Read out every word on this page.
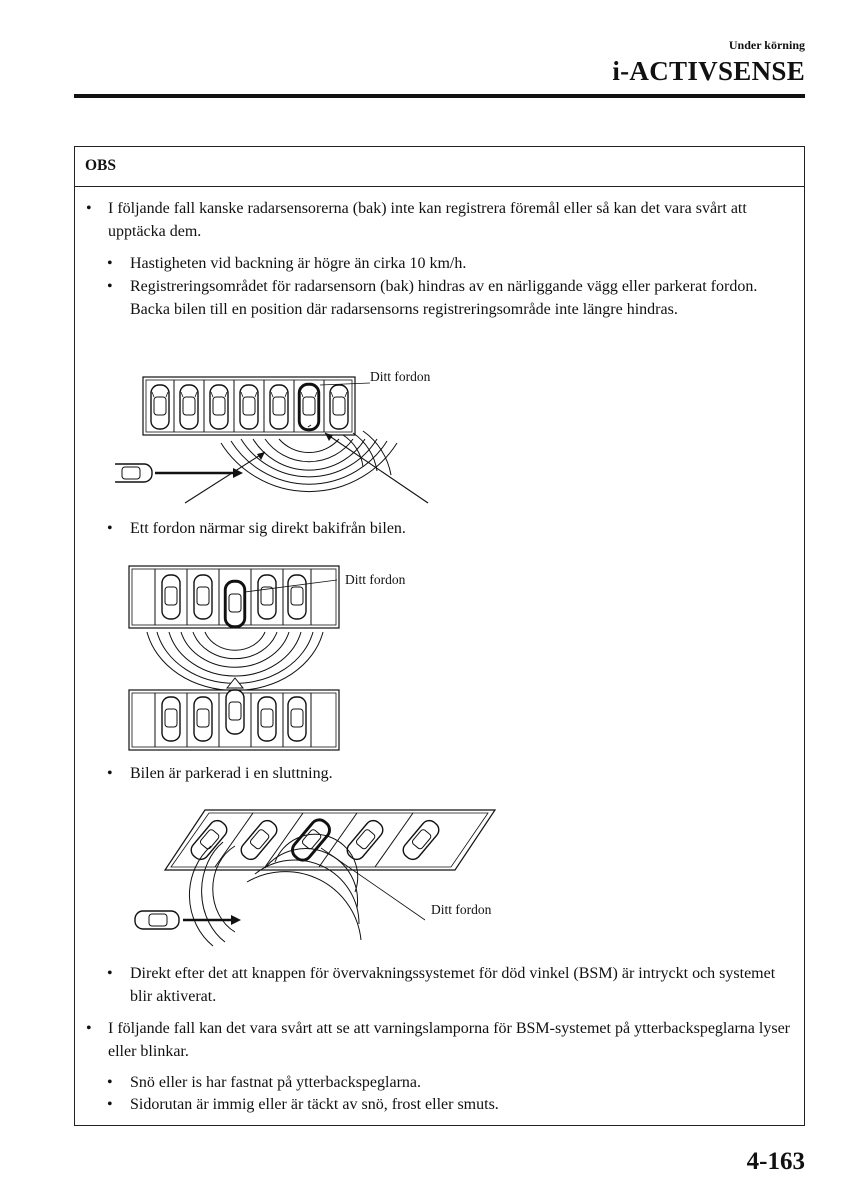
Under körning
i-ACTIVSENSE
OBS
• I följande fall kanske radarsensorerna (bak) inte kan registrera föremål eller så kan det vara svårt att upptäcka dem.
• Hastigheten vid backning är högre än cirka 10 km/h.
• Registreringsområdet för radarsensorn (bak) hindras av en närliggande vägg eller parkerat fordon. Backa bilen till en position där radarsensorns registreringsområde inte längre hindras.
Ditt fordon
• Ett fordon närmar sig direkt bakifrån bilen.
Ditt fordon
• Bilen är parkerad i en sluttning.
Ditt fordon
• Direkt efter det att knappen för övervakningssystemet för död vinkel (BSM) är intryckt och systemet blir aktiverat.
• I följande fall kan det vara svårt att se att varningslamporna för BSM-systemet på ytterbackspeglarna lyser eller blinkar.
• Snö eller is har fastnat på ytterbackspeglarna.
• Sidorutan är immig eller är täckt av snö, frost eller smuts.
4-163
